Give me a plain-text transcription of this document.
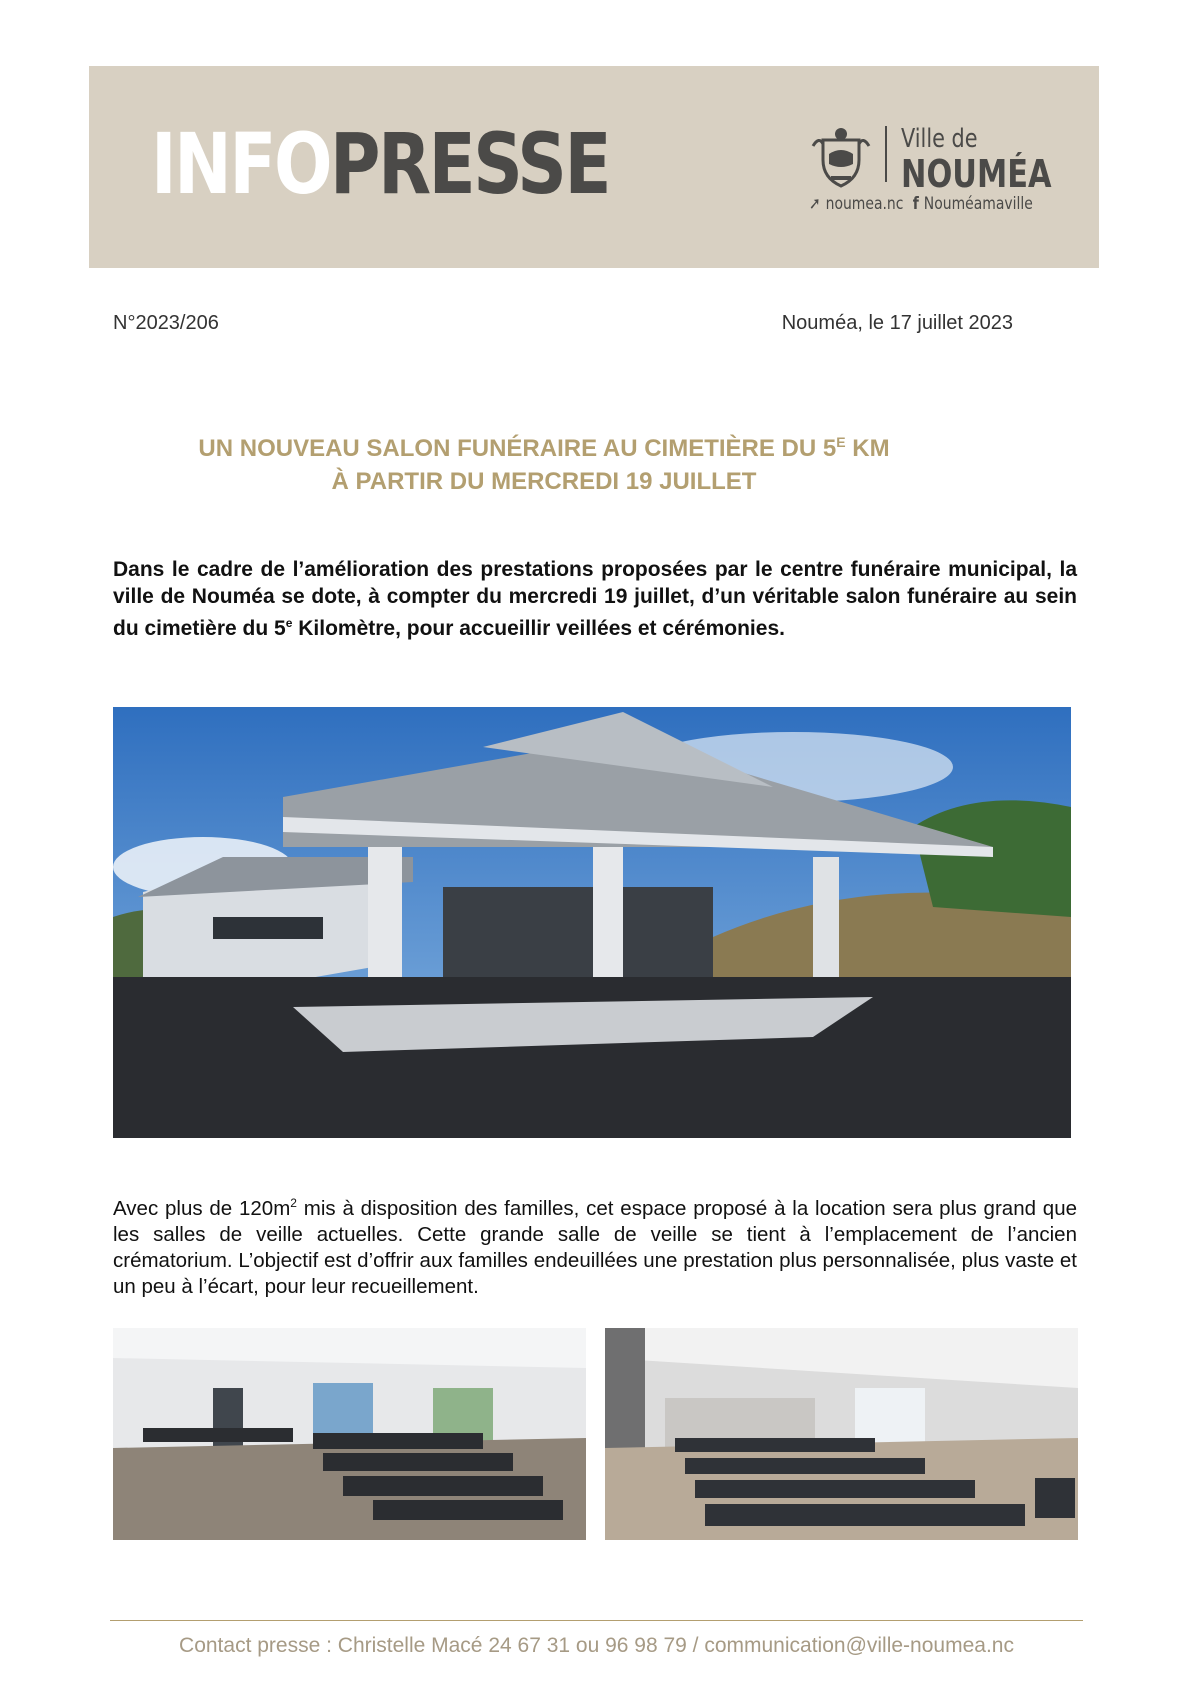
INFOPRESSE	Ville de
NOUMÉA
➚ noumea.nc f Nouméamaville
N°2023/206	Nouméa, le 17 juillet 2023
UN NOUVEAU SALON FUNÉRAIRE AU CIMETIÈRE DU $5^E$ KM
À PARTIR DU MERCREDI 19 JUILLET
Dans le cadre de l’amélioration des prestations proposées par le centre funéraire municipal, la ville de Nouméa se dote, à compter du mercredi 19 juillet, d’un véritable salon funéraire au sein du cimetière du 5e Kilomètre, pour accueillir veillées et cérémonies.
Avec plus de $120m^2$ mis à disposition des familles, cet espace proposé à la location sera plus grand que les salles de veille actuelles. Cette grande salle de veille se tient à l’emplacement de l’ancien crématorium. L’objectif est d’offrir aux familles endeuillées une prestation plus personnalisée, plus vaste et un peu à l’écart, pour leur recueillement.
Contact presse : Christelle Macé 24 67 31 ou 96 98 79 / communication@ville-noumea.nc
